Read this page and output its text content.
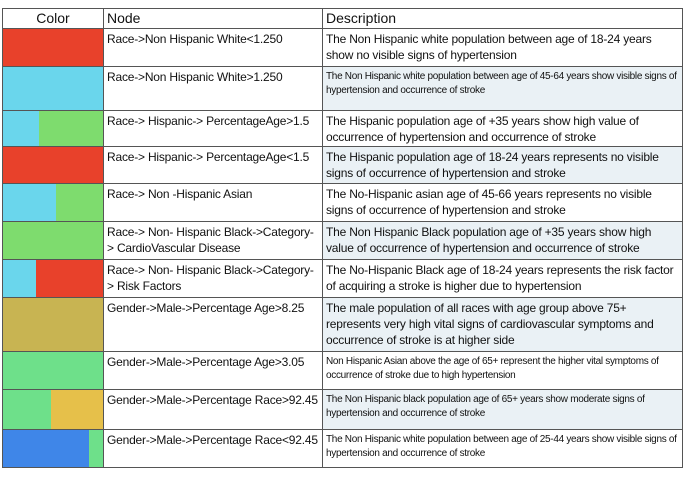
Color	Node	Description

	Race->Non Hispanic White<1.250	The Non Hispanic white population between age of 18-24 years show no visible signs of hypertension

	Race->Non Hispanic White>1.250	The Non Hispanic white population between age of 45-64 years show visible signs of hypertension and occurrence of stroke

	Race-> Hispanic-> PercentageAge>1.5	The Hispanic population age of +35 years show high value of occurrence of hypertension and occurrence of stroke

	Race-> Hispanic-> PercentageAge<1.5	The Hispanic population age of 18-24 years represents no visible signs of occurrence of hypertension and stroke

	Race-> Non -Hispanic Asian	The No-Hispanic asian age of 45-66 years represents no visible signs of occurrence of hypertension and stroke

	Race-> Non- Hispanic Black->Category-> CardioVascular Disease	The Non Hispanic Black population age of +35 years show high value of occurrence of hypertension and occurrence of stroke

	Race-> Non- Hispanic Black->Category-> Risk Factors	The No-Hispanic Black age of 18-24 years represents the risk factor of acquiring a stroke is higher due to hypertension

	Gender->Male->Percentage Age>8.25	The male population of all races with age group above 75+ represents very high vital signs of cardiovascular symptoms and occurrence of stroke is at higher side

	Gender->Male->Percentage Age>3.05	Non Hispanic Asian above the age of 65+ represent the higher vital symptoms of occurrence of stroke due to high hypertension

	Gender->Male->Percentage Race>92.45	The Non Hispanic black population age of 65+ years show moderate signs of hypertension and occurrence of stroke

	Gender->Male->Percentage Race<92.45	The Non Hispanic white population between age of 25-44 years show visible signs of hypertension and occurrence of stroke
